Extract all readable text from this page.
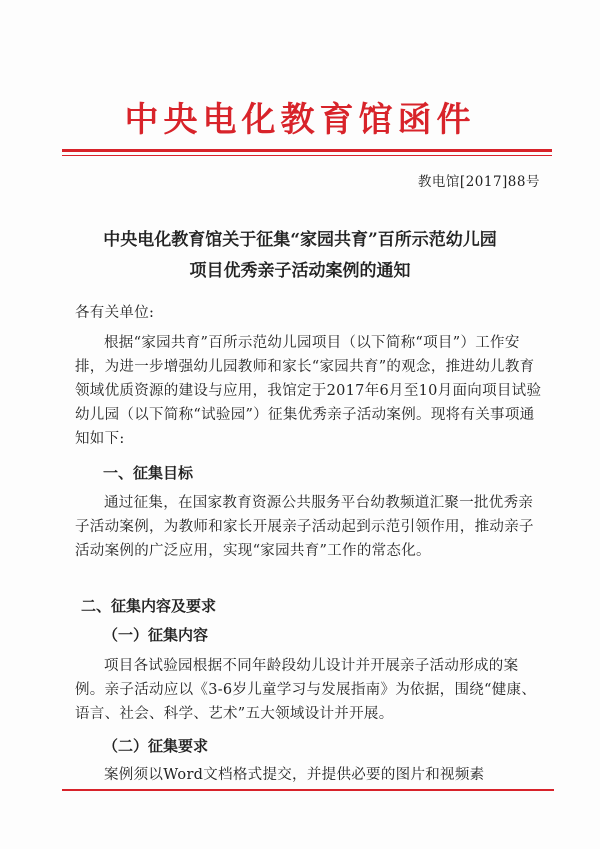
中央电化教育馆函件
教电馆[2017]88号
中央电化教育馆关于征集“家园共育”百所示范幼儿园
项目优秀亲子活动案例的通知
各有关单位:
根据“家园共育”百所示范幼儿园项目（以下简称“项目”）工作安排，为进一步增强幼儿园教师和家长“家园共育”的观念，推进幼儿教育领域优质资源的建设与应用，我馆定于2017年6月至10月面向项目试验幼儿园（以下简称“试验园”）征集优秀亲子活动案例。现将有关事项通知如下:
一、征集目标
通过征集，在国家教育资源公共服务平台幼教频道汇聚一批优秀亲子活动案例，为教师和家长开展亲子活动起到示范引领作用，推动亲子活动案例的广泛应用，实现“家园共育”工作的常态化。
二、征集内容及要求
（一）征集内容
项目各试验园根据不同年龄段幼儿设计并开展亲子活动形成的案例。亲子活动应以《3-6岁儿童学习与发展指南》为依据，围绕“健康、语言、社会、科学、艺术”五大领域设计并开展。
（二）征集要求
案例须以Word文档格式提交，并提供必要的图片和视频素
